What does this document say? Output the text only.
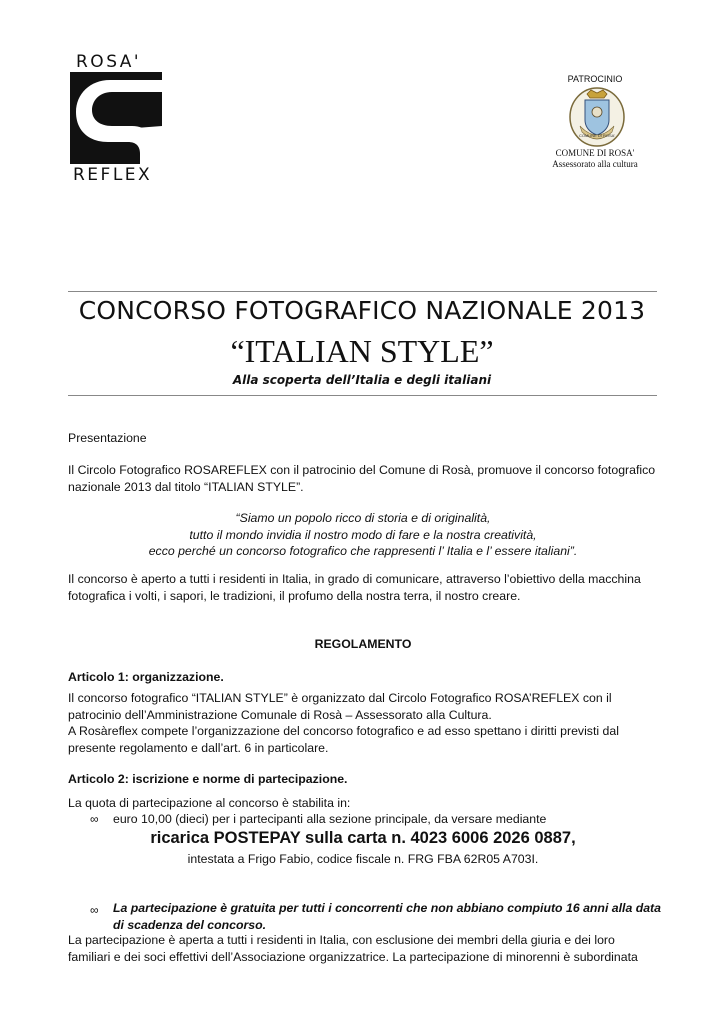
ROSA'
REFLEX
PATROCINIO
COMUNE DI ROSA'
COMUNE DI ROSA'
Assessorato alla cultura
CONCORSO FOTOGRAFICO NAZIONALE 2013
“ITALIAN STYLE”
Alla scoperta dell’Italia e degli italiani
Presentazione
Il Circolo Fotografico ROSAREFLEX con il patrocinio del Comune di Rosà, promuove il concorso fotografico
nazionale 2013 dal titolo “ITALIAN STYLE”.
“Siamo un popolo ricco di storia e di originalità,
tutto il mondo invidia il nostro modo di fare e la nostra creatività,
ecco perché un concorso fotografico che rappresenti l’ Italia e l’ essere italiani”.
Il concorso è aperto a tutti i residenti in Italia, in grado di comunicare, attraverso l’obiettivo della macchina
fotografica i volti, i sapori, le tradizioni, il profumo della nostra terra, il nostro creare.
REGOLAMENTO
Articolo 1: organizzazione.
Il concorso fotografico “ITALIAN STYLE” è organizzato dal Circolo Fotografico ROSA’REFLEX con il
patrocinio dell’Amministrazione Comunale di Rosà – Assessorato alla Cultura.
A Rosàreflex compete l’organizzazione del concorso fotografico e ad esso spettano i diritti previsti dal
presente regolamento e dall’art. 6 in particolare.
Articolo 2: iscrizione e norme di partecipazione.
La quota di partecipazione al concorso è stabilita in:
∞ euro 10,00 (dieci) per i partecipanti alla sezione principale, da versare mediante
ricarica POSTEPAY sulla carta n. 4023 6006 2026 0887,
intestata a Frigo Fabio, codice fiscale n. FRG FBA 62R05 A703I.
∞ La partecipazione è gratuita per tutti i concorrenti che non abbiano compiuto 16 anni alla data
di scadenza del concorso.
La partecipazione è aperta a tutti i residenti in Italia, con esclusione dei membri della giuria e dei loro
familiari e dei soci effettivi dell’Associazione organizzatrice. La partecipazione di minorenni è subordinata
